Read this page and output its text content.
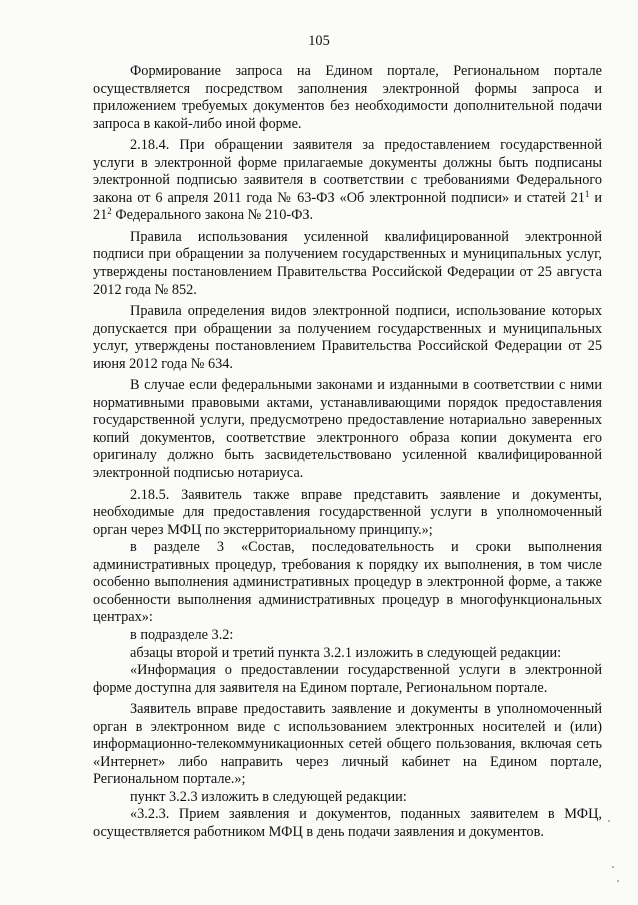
105

Формирование запроса на Едином портале, Региональном портале осуществляется посредством заполнения электронной формы запроса и приложением требуемых документов без необходимости дополнительной подачи запроса в какой-либо иной форме.

2.18.4. При обращении заявителя за предоставлением государственной услуги в электронной форме прилагаемые документы должны быть подписаны электронной подписью заявителя в соответствии с требованиями Федерального закона от 6 апреля 2011 года № 63-ФЗ «Об электронной подписи» и статей $21^1$ и $21^2$ Федерального закона № 210-ФЗ.

Правила использования усиленной квалифицированной электронной подписи при обращении за получением государственных и муниципальных услуг, утверждены постановлением Правительства Российской Федерации от 25 августа 2012 года № 852.

Правила определения видов электронной подписи, использование которых допускается при обращении за получением государственных и муниципальных услуг, утверждены постановлением Правительства Российской Федерации от 25 июня 2012 года № 634.

В случае если федеральными законами и изданными в соответствии с ними нормативными правовыми актами, устанавливающими порядок предоставления государственной услуги, предусмотрено предоставление нотариально заверенных копий документов, соответствие электронного образа копии документа его оригиналу должно быть засвидетельствовано усиленной квалифицированной электронной подписью нотариуса.

2.18.5. Заявитель также вправе представить заявление и документы, необходимые для предоставления государственной услуги в уполномоченный орган через МФЦ по экстерриториальному принципу.»;

в разделе 3 «Состав, последовательность и сроки выполнения административных процедур, требования к порядку их выполнения, в том числе особенно выполнения административных процедур в электронной форме, а также особенности выполнения административных процедур в многофункциональных центрах»:

в подразделе 3.2:

абзацы второй и третий пункта 3.2.1 изложить в следующей редакции:

«Информация о предоставлении государственной услуги в электронной форме доступна для заявителя на Едином портале, Региональном портале.

Заявитель вправе предоставить заявление и документы в уполномоченный орган в электронном виде с использованием электронных носителей и (или) информационно-телекоммуникационных сетей общего пользования, включая сеть «Интернет» либо направить через личный кабинет на Едином портале, Региональном портале.»;

пункт 3.2.3 изложить в следующей редакции:

«3.2.3. Прием заявления и документов, поданных заявителем в МФЦ, осуществляется работником МФЦ в день подачи заявления и документов.
